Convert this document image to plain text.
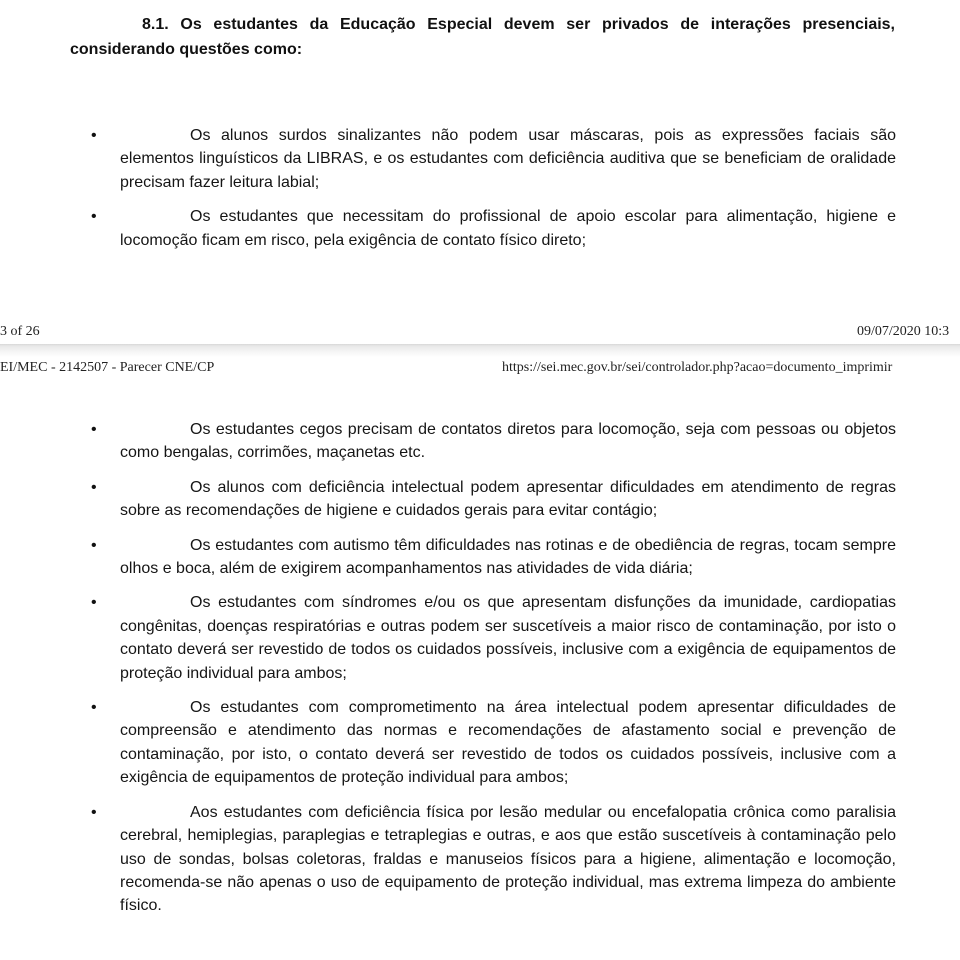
8.1. Os estudantes da Educação Especial devem ser privados de interações presenciais, considerando questões como:

•	Os alunos surdos sinalizantes não podem usar máscaras, pois as expressões faciais são elementos linguísticos da LIBRAS, e os estudantes com deficiência auditiva que se beneficiam de oralidade precisam fazer leitura labial;
•	Os estudantes que necessitam do profissional de apoio escolar para alimentação, higiene e locomoção ficam em risco, pela exigência de contato físico direto;
3 of 26	09/07/2020 10:3
EI/MEC - 2142507 - Parecer CNE/CP	https://sei.mec.gov.br/sei/controlador.php?acao=documento_imprimir
•	Os estudantes cegos precisam de contatos diretos para locomoção, seja com pessoas ou objetos como bengalas, corrimões, maçanetas etc.
•	Os alunos com deficiência intelectual podem apresentar dificuldades em atendimento de regras sobre as recomendações de higiene e cuidados gerais para evitar contágio;
•	Os estudantes com autismo têm dificuldades nas rotinas e de obediência de regras, tocam sempre olhos e boca, além de exigirem acompanhamentos nas atividades de vida diária;
•	Os estudantes com síndromes e/ou os que apresentam disfunções da imunidade, cardiopatias congênitas, doenças respiratórias e outras podem ser suscetíveis a maior risco de contaminação, por isto o contato deverá ser revestido de todos os cuidados possíveis, inclusive com a exigência de equipamentos de proteção individual para ambos;
•	Os estudantes com comprometimento na área intelectual podem apresentar dificuldades de compreensão e atendimento das normas e recomendações de afastamento social e prevenção de contaminação, por isto, o contato deverá ser revestido de todos os cuidados possíveis, inclusive com a exigência de equipamentos de proteção individual para ambos;
•	Aos estudantes com deficiência física por lesão medular ou encefalopatia crônica como paralisia cerebral, hemiplegias, paraplegias e tetraplegias e outras, e aos que estão suscetíveis à contaminação pelo uso de sondas, bolsas coletoras, fraldas e manuseios físicos para a higiene, alimentação e locomoção, recomenda-se não apenas o uso de equipamento de proteção individual, mas extrema limpeza do ambiente físico.
